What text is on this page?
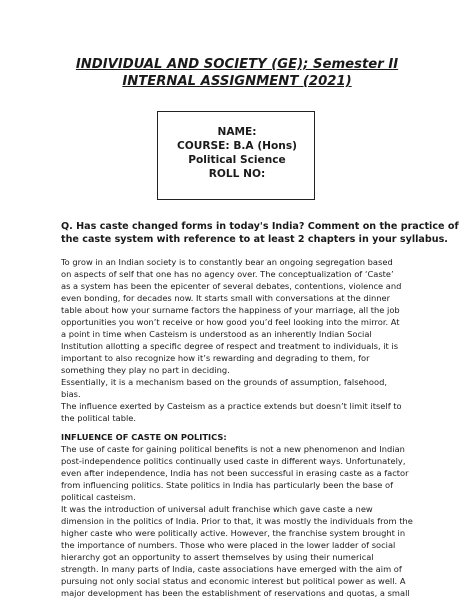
INDIVIDUAL AND SOCIETY (GE); Semester II
INTERNAL ASSIGNMENT (2021)
NAME:
COURSE: B.A (Hons)
Political Science
ROLL NO:
Q. Has caste changed forms in today's India? Comment on the practice of
the caste system with reference to at least 2 chapters in your syllabus.
To grow in an Indian society is to constantly bear an ongoing segregation based
on aspects of self that one has no agency over. The conceptualization of ‘Caste’
as a system has been the epicenter of several debates, contentions, violence and
even bonding, for decades now. It starts small with conversations at the dinner
table about how your surname factors the happiness of your marriage, all the job
opportunities you won’t receive or how good you’d feel looking into the mirror. At
a point in time when Casteism is understood as an inherently Indian Social
Institution allotting a specific degree of respect and treatment to individuals, it is
important to also recognize how it’s rewarding and degrading to them, for
something they play no part in deciding.
Essentially, it is a mechanism based on the grounds of assumption, falsehood,
bias.
The influence exerted by Casteism as a practice extends but doesn’t limit itself to
the political table.
INFLUENCE OF CASTE ON POLITICS:
The use of caste for gaining political benefits is not a new phenomenon and Indian
post-independence politics continually used caste in different ways. Unfortunately,
even after independence, India has not been successful in erasing caste as a factor
from influencing politics. State politics in India has particularly been the base of
political casteism.
It was the introduction of universal adult franchise which gave caste a new
dimension in the politics of India. Prior to that, it was mostly the individuals from the
higher caste who were politically active. However, the franchise system brought in
the importance of numbers. Those who were placed in the lower ladder of social
hierarchy got an opportunity to assert themselves by using their numerical
strength. In many parts of India, caste associations have emerged with the aim of
pursuing not only social status and economic interest but political power as well. A
major development has been the establishment of reservations and quotas, a small
